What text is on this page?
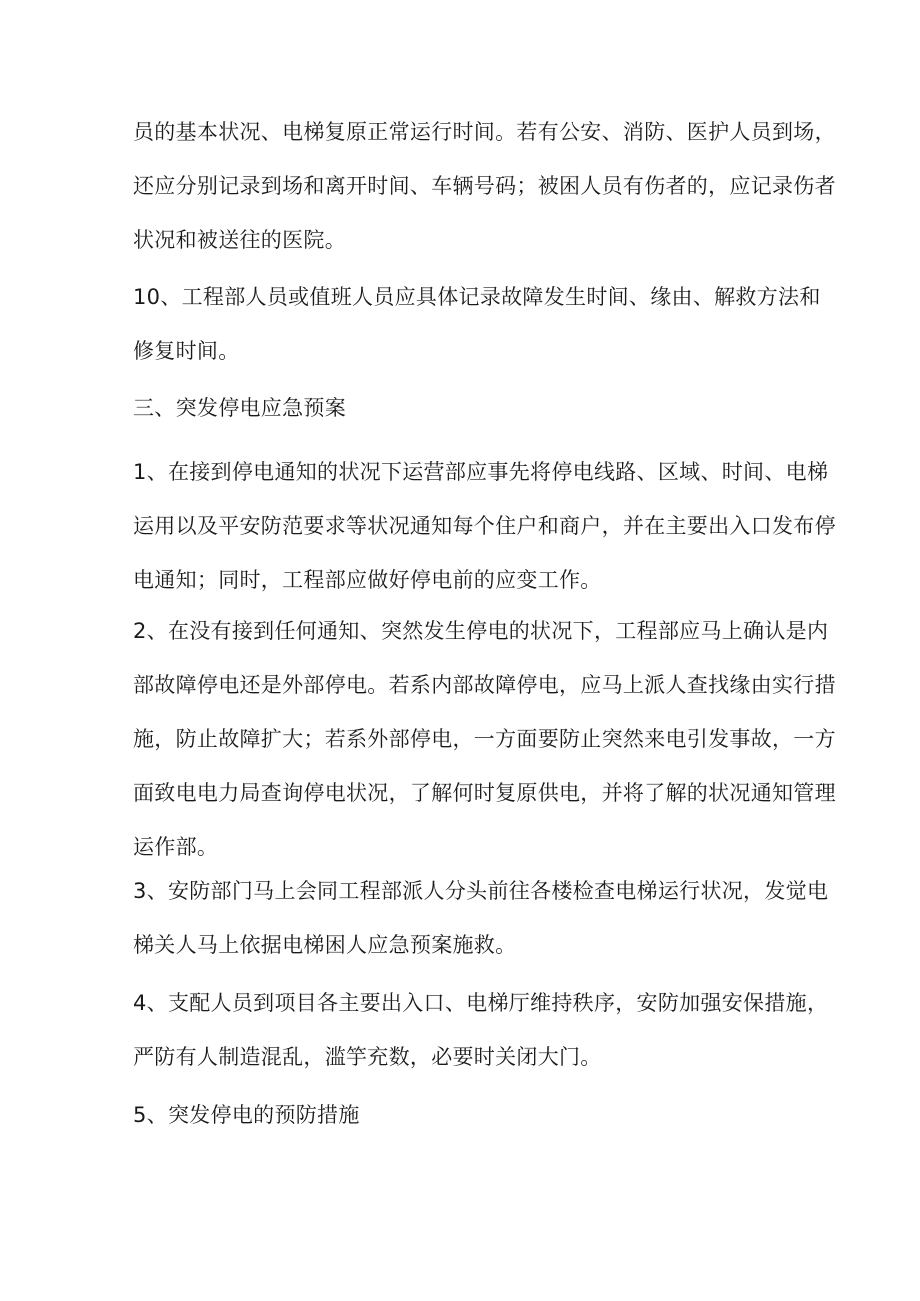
员的基本状况、电梯复原正常运行时间。若有公安、消防、医护人员到场，
还应分别记录到场和离开时间、车辆号码；被困人员有伤者的，应记录伤者
状况和被送往的医院。
10、工程部人员或值班人员应具体记录故障发生时间、缘由、解救方法和
修复时间。
三、突发停电应急预案
1、在接到停电通知的状况下运营部应事先将停电线路、区域、时间、电梯
运用以及平安防范要求等状况通知每个住户和商户，并在主要出入口发布停
电通知；同时，工程部应做好停电前的应变工作。
2、在没有接到任何通知、突然发生停电的状况下，工程部应马上确认是内
部故障停电还是外部停电。若系内部故障停电，应马上派人查找缘由实行措
施，防止故障扩大；若系外部停电，一方面要防止突然来电引发事故，一方
面致电电力局查询停电状况，了解何时复原供电，并将了解的状况通知管理
运作部。
3、安防部门马上会同工程部派人分头前往各楼检查电梯运行状况，发觉电
梯关人马上依据电梯困人应急预案施救。
4、支配人员到项目各主要出入口、电梯厅维持秩序，安防加强安保措施，
严防有人制造混乱，滥竽充数，必要时关闭大门。
5、突发停电的预防措施
